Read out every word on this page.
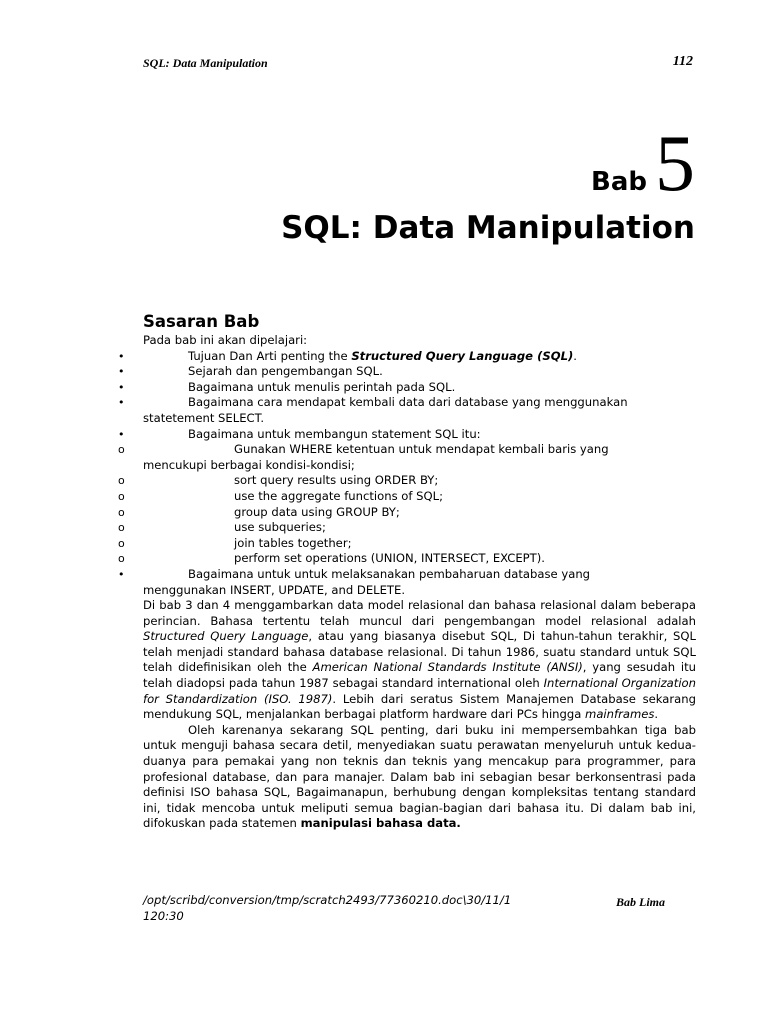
SQL: Data Manipulation	112
Bab 5
SQL: Data Manipulation
Sasaran Bab

Pada bab ini akan dipelajari:

•
Tujuan Dan Arti penting the Structured Query Language (SQL).
•
Sejarah dan pengembangan SQL.
•
Bagaimana untuk menulis perintah pada SQL.
•
Bagaimana cara mendapat kembali data dari database yang menggunakan
statetement SELECT.
•
Bagaimana untuk membangun statement SQL itu:
o
Gunakan WHERE ketentuan untuk mendapat kembali baris yang
mencukupi berbagai kondisi-kondisi;
o
sort query results using ORDER BY;
o
use the aggregate functions of SQL;
o
group data using GROUP BY;
o
use subqueries;
o
join tables together;
o
perform set operations (UNION, INTERSECT, EXCEPT).
•
Bagaimana untuk untuk melaksanakan pembaharuan database yang
menggunakan INSERT, UPDATE, and DELETE.

Di bab 3 dan 4 menggambarkan data model relasional dan bahasa relasional dalam beberapa perincian. Bahasa tertentu telah muncul dari pengembangan model relasional adalah Structured Query Language, atau yang biasanya disebut SQL, Di tahun-tahun terakhir, SQL telah menjadi standard bahasa database relasional. Di tahun 1986, suatu standard untuk SQL telah didefinisikan oleh the American National Standards Institute (ANSI), yang sesudah itu telah diadopsi pada tahun 1987 sebagai standard international oleh International Organization for Standardization (ISO. 1987). Lebih dari seratus Sistem Manajemen Database sekarang mendukung SQL, menjalankan berbagai platform hardware dari PCs hingga mainframes.

Oleh karenanya sekarang SQL penting, dari buku ini mempersembahkan tiga bab untuk menguji bahasa secara detil, menyediakan suatu perawatan menyeluruh untuk kedua-duanya para pemakai yang non teknis dan teknis yang mencakup para programmer, para profesional database, dan para manajer. Dalam bab ini sebagian besar berkonsentrasi pada definisi ISO bahasa SQL, Bagaimanapun, berhubung dengan kompleksitas tentang standard ini, tidak mencoba untuk meliputi semua bagian-bagian dari bahasa itu. Di dalam bab ini, difokuskan pada statemen manipulasi bahasa data.

/opt/scribd/conversion/tmp/scratch2493/77360210.doc\30/11/1
120:30
Bab Lima
